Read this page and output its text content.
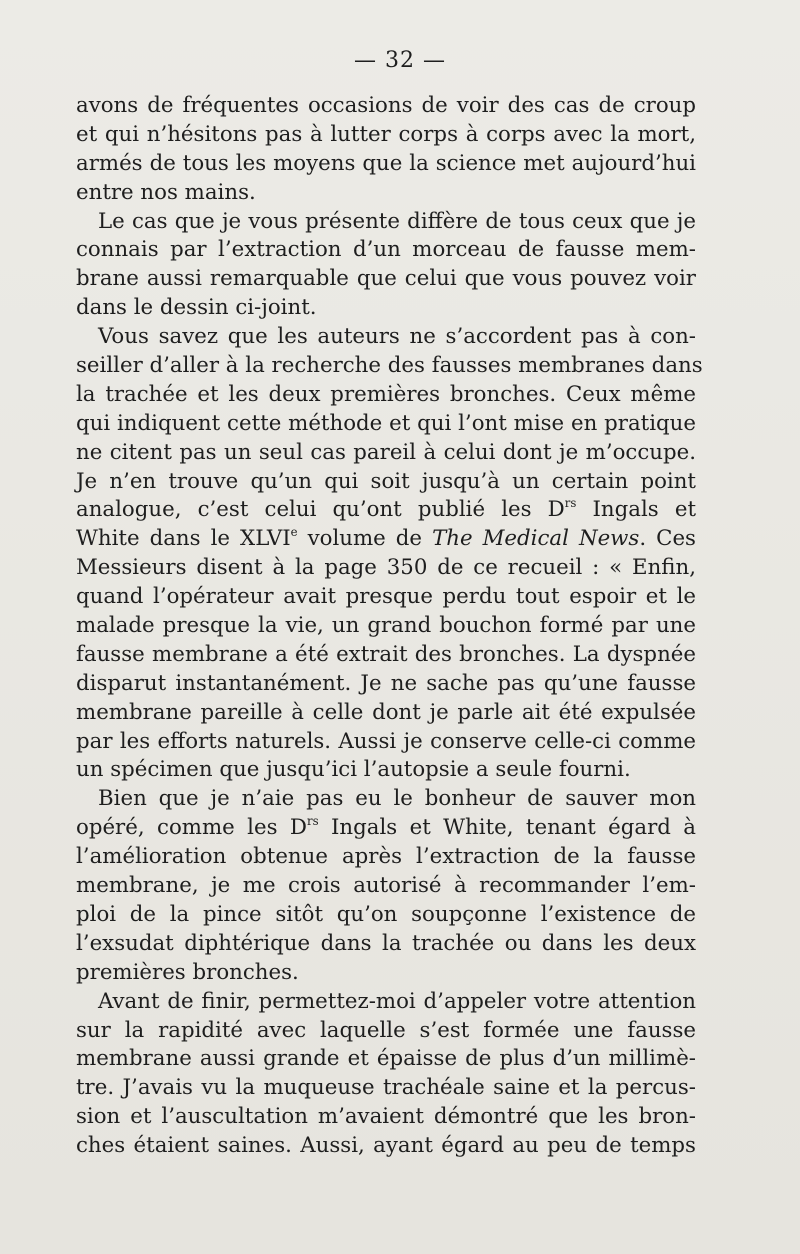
— 32 —
avons de fréquentes occasions de voir des cas de croup
et qui n’hésitons pas à lutter corps à corps avec la mort,
armés de tous les moyens que la science met aujourd’hui
entre nos mains.
Le cas que je vous présente diffère de tous ceux que je
connais par l’extraction d’un morceau de fausse mem-
brane aussi remarquable que celui que vous pouvez voir
dans le dessin ci-joint.
Vous savez que les auteurs ne s’accordent pas à con-
seiller d’aller à la recherche des fausses membranes dans
la trachée et les deux premières bronches. Ceux même
qui indiquent cette méthode et qui l’ont mise en pratique
ne citent pas un seul cas pareil à celui dont je m’occupe.
Je n’en trouve qu’un qui soit jusqu’à un certain point
analogue, c’est celui qu’ont publié les $D^{rs}$ Ingals et
White dans le XLVIe volume de The Medical News. Ces
Messieurs disent à la page 350 de ce recueil : « Enfin,
quand l’opérateur avait presque perdu tout espoir et le
malade presque la vie, un grand bouchon formé par une
fausse membrane a été extrait des bronches. La dyspnée
disparut instantanément. Je ne sache pas qu’une fausse
membrane pareille à celle dont je parle ait été expulsée
par les efforts naturels. Aussi je conserve celle-ci comme
un spécimen que jusqu’ici l’autopsie a seule fourni.
Bien que je n’aie pas eu le bonheur de sauver mon
opéré, comme les $D^{rs}$ Ingals et White, tenant égard à
l’amélioration obtenue après l’extraction de la fausse
membrane, je me crois autorisé à recommander l’em-
ploi de la pince sitôt qu’on soupçonne l’existence de
l’exsudat diphtérique dans la trachée ou dans les deux
premières bronches.
Avant de finir, permettez-moi d’appeler votre attention
sur la rapidité avec laquelle s’est formée une fausse
membrane aussi grande et épaisse de plus d’un millimè-
tre. J’avais vu la muqueuse trachéale saine et la percus-
sion et l’auscultation m’avaient démontré que les bron-
ches étaient saines. Aussi, ayant égard au peu de temps
